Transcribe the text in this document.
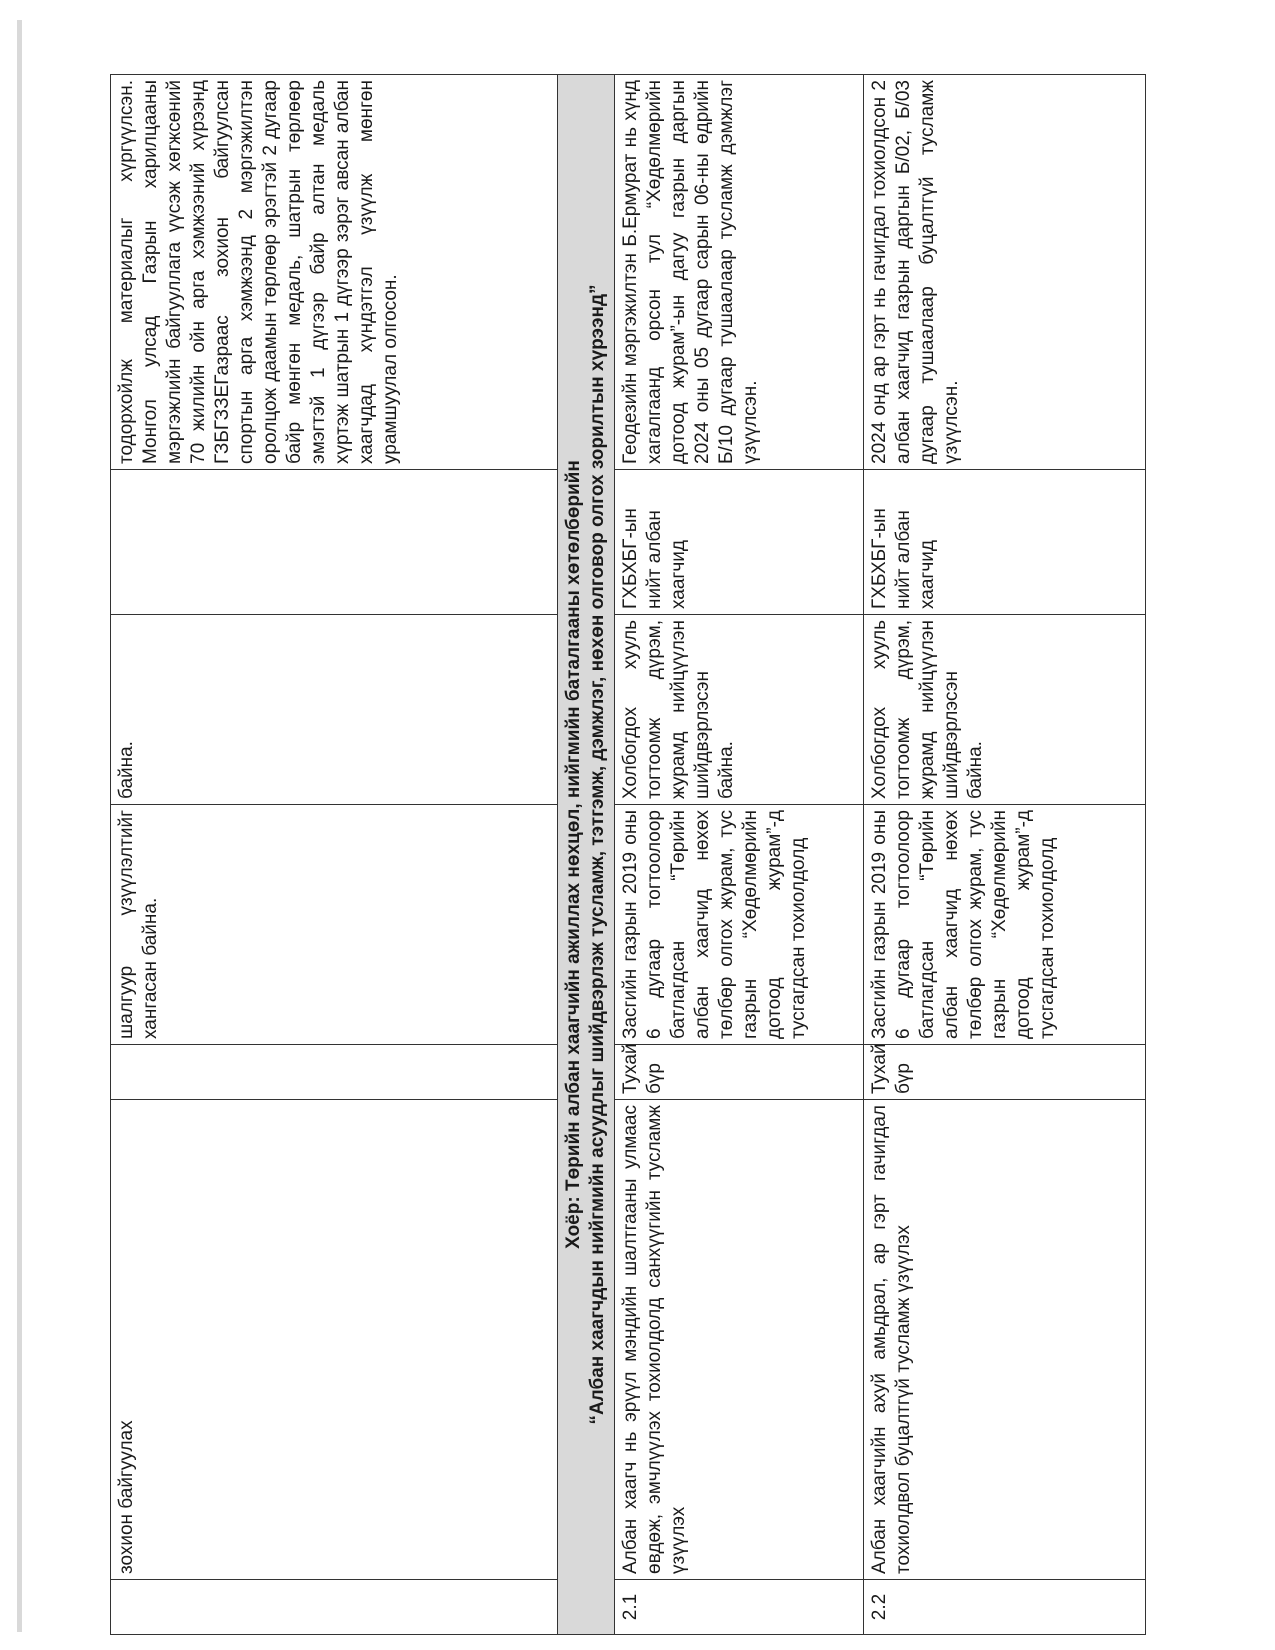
	зохион байгуулах		шалгуур үзүүлэлтийг хангасан байна.	байна.		тодорхойлж материалыг хүргүүлсэн. Монгол улсад Газрын харилцааны мэргэжлийн байгууллага үүсэж хөгжсөний 70 жилийн ойн арга хэмжээний хүрээнд ГЗБГЗЗЕГазраас зохион байгуулсан спортын арга хэмжээнд 2 мэргэжилтэн оролцож даамын төрлөөр эрэгтэй 2 дугаар байр мөнгөн медаль, шатрын төрлөөр эмэгтэй 1 дүгээр байр алтан медаль хүртэж шатрын 1 дүгээр зэрэг авсан албан хаагчдад хүндэтгэл үзүүлж мөнгөн урамшуулал олгосон.

Хоёр: Төрийн албан хаагчийн ажиллах нөхцөл, нийгмийн баталгааны хөтөлбөрийн “Албан хаагчдын нийгмийн асуудлыг шийдвэрлэж тусламж, тэтгэмж, дэмжлэг, нөхөн олговор олгох зорилтын хүрээнд”						

2.1	Албан хаагч нь эрүүл мэндийн шалтгааны улмаас өвдөж, эмчлүүлэх тохиолдолд санхүүгийн тусламж үзүүлэх	Тухай бүр	Засгийн газрын 2019 оны 6 дугаар тогтоолоор батлагдсан “Төрийн албан хаагчид нөхөх төлбөр олгох журам, тус газрын “Хөдөлмөрийн дотоод журам”-д тусгагдсан тохиолдолд	Холбогдох хууль тогтоомж дүрэм, журамд нийцүүлэн шийдвэрлэсэн байна.	ГХБХБГ-ын нийт албан хаагчид	Геодезийн мэргэжилтэн Б.Ермурат нь хүнд хагалгаанд орсон тул “Хөдөлмөрийн дотоод журам”-ын дагуу газрын даргын 2024 оны 05 дугаар сарын 06-ны өдрийн Б/10 дугаар тушаалаар тусламж дэмжлэг үзүүлсэн.
2.2	Албан хаагчийн ахуй амьдрал, ар гэрт гачигдал тохиолдвол буцалтгүй тусламж үзүүлэх	Тухай бүр	Засгийн газрын 2019 оны 6 дугаар тогтоолоор батлагдсан “Төрийн албан хаагчид нөхөх төлбөр олгох журам, тус газрын “Хөдөлмөрийн дотоод журам”-д тусгагдсан тохиолдолд	Холбогдох хууль тогтоомж дүрэм, журамд нийцүүлэн шийдвэрлэсэн байна.	ГХБХБГ-ын нийт албан хаагчид	2024 онд ар гэрт нь гачигдал тохиолдсон 2 албан хаагчид газрын даргын Б/02, Б/03 дугаар тушаалаар буцалтгүй тусламж үзүүлсэн.
